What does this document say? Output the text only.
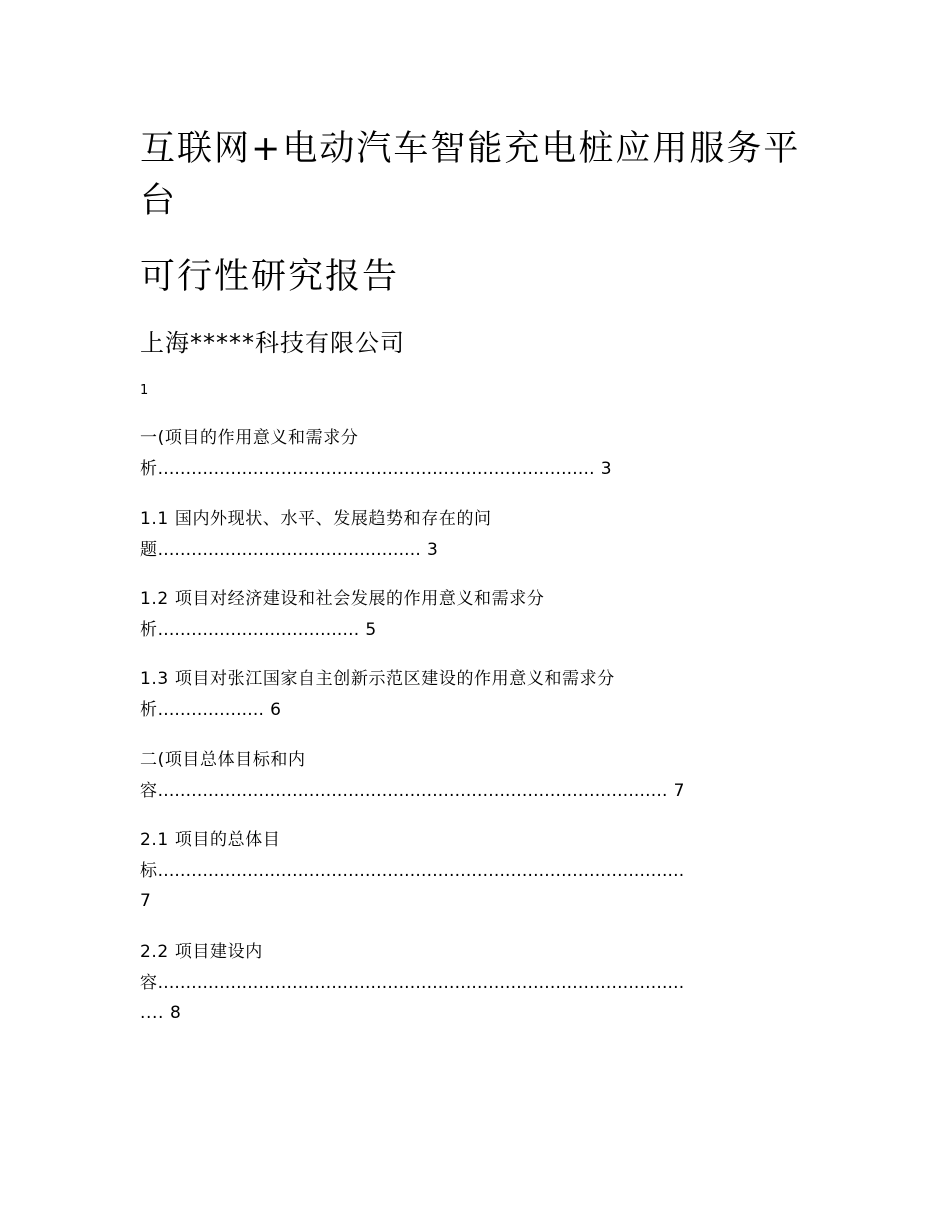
互联网+电动汽车智能充电桩应用服务平
台
可行性研究报告
上海*****科技有限公司
1
一(项目的作用意义和需求分
析.............................................................................. 3
1.1 国内外现状、水平、发展趋势和存在的问
题............................................... 3
1.2 项目对经济建设和社会发展的作用意义和需求分
析.................................... 5
1.3 项目对张江国家自主创新示范区建设的作用意义和需求分
析................... 6
二(项目总体目标和内
容........................................................................................... 7
2.1 项目的总体目
标..............................................................................................
7
2.2 项目建设内
容..............................................................................................
.... 8
